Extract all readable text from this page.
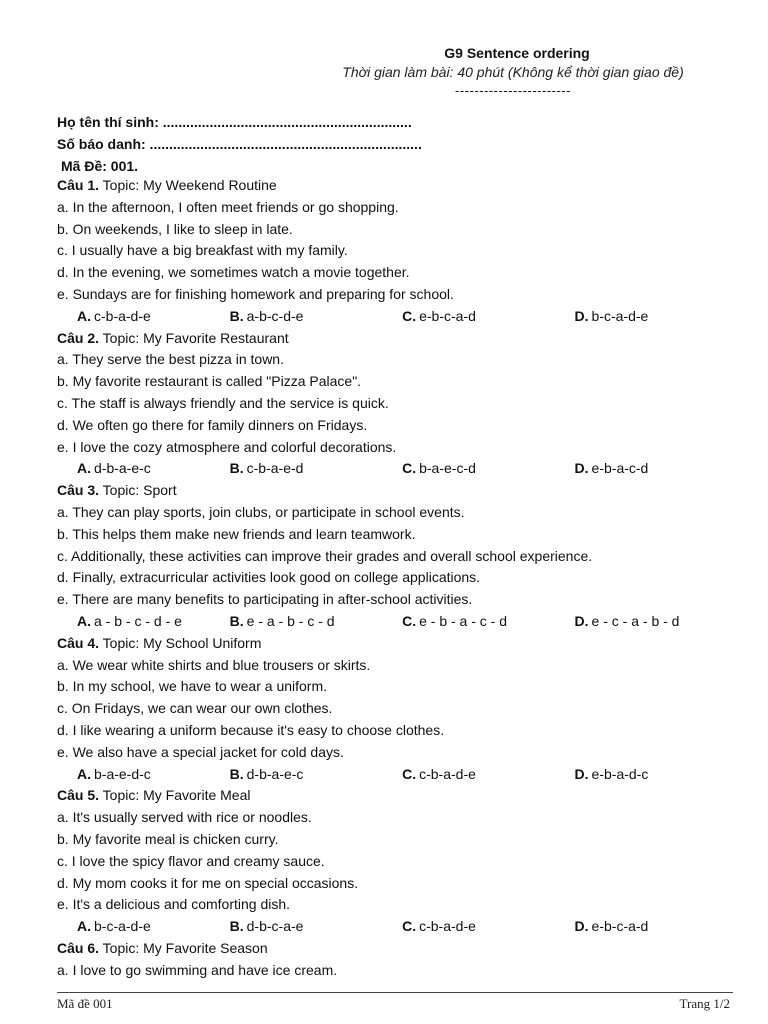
G9 Sentence ordering
Thời gian làm bài: 40 phút (Không kể thời gian giao đề)
------------------------
Họ tên thí sinh: ................................................................
Số báo danh: ......................................................................
Mã Đề: 001.
Câu 1. Topic: My Weekend Routine
a. In the afternoon, I often meet friends or go shopping.
b. On weekends, I like to sleep in late.
c. I usually have a big breakfast with my family.
d. In the evening, we sometimes watch a movie together.
e. Sundays are for finishing homework and preparing for school.
A. c-b-a-d-e	B. a-b-c-d-e	C. e-b-c-a-d	D. b-c-a-d-e
Câu 2. Topic: My Favorite Restaurant
a. They serve the best pizza in town.
b. My favorite restaurant is called "Pizza Palace".
c. The staff is always friendly and the service is quick.
d. We often go there for family dinners on Fridays.
e. I love the cozy atmosphere and colorful decorations.
A. d-b-a-e-c	B. c-b-a-e-d	C. b-a-e-c-d	D. e-b-a-c-d
Câu 3. Topic: Sport
a. They can play sports, join clubs, or participate in school events.
b. This helps them make new friends and learn teamwork.
c. Additionally, these activities can improve their grades and overall school experience.
d. Finally, extracurricular activities look good on college applications.
e. There are many benefits to participating in after-school activities.
A. a - b - c - d - e	B. e - a - b - c - d	C. e - b - a - c - d	D. e - c - a - b - d
Câu 4. Topic: My School Uniform
a. We wear white shirts and blue trousers or skirts.
b. In my school, we have to wear a uniform.
c. On Fridays, we can wear our own clothes.
d. I like wearing a uniform because it's easy to choose clothes.
e. We also have a special jacket for cold days.
A. b-a-e-d-c	B. d-b-a-e-c	C. c-b-a-d-e	D. e-b-a-d-c
Câu 5. Topic: My Favorite Meal
a. It's usually served with rice or noodles.
b. My favorite meal is chicken curry.
c. I love the spicy flavor and creamy sauce.
d. My mom cooks it for me on special occasions.
e. It's a delicious and comforting dish.
A. b-c-a-d-e	B. d-b-c-a-e	C. c-b-a-d-e	D. e-b-c-a-d
Câu 6. Topic: My Favorite Season
a. I love to go swimming and have ice cream.
Mã đề 001	Trang 1/2
